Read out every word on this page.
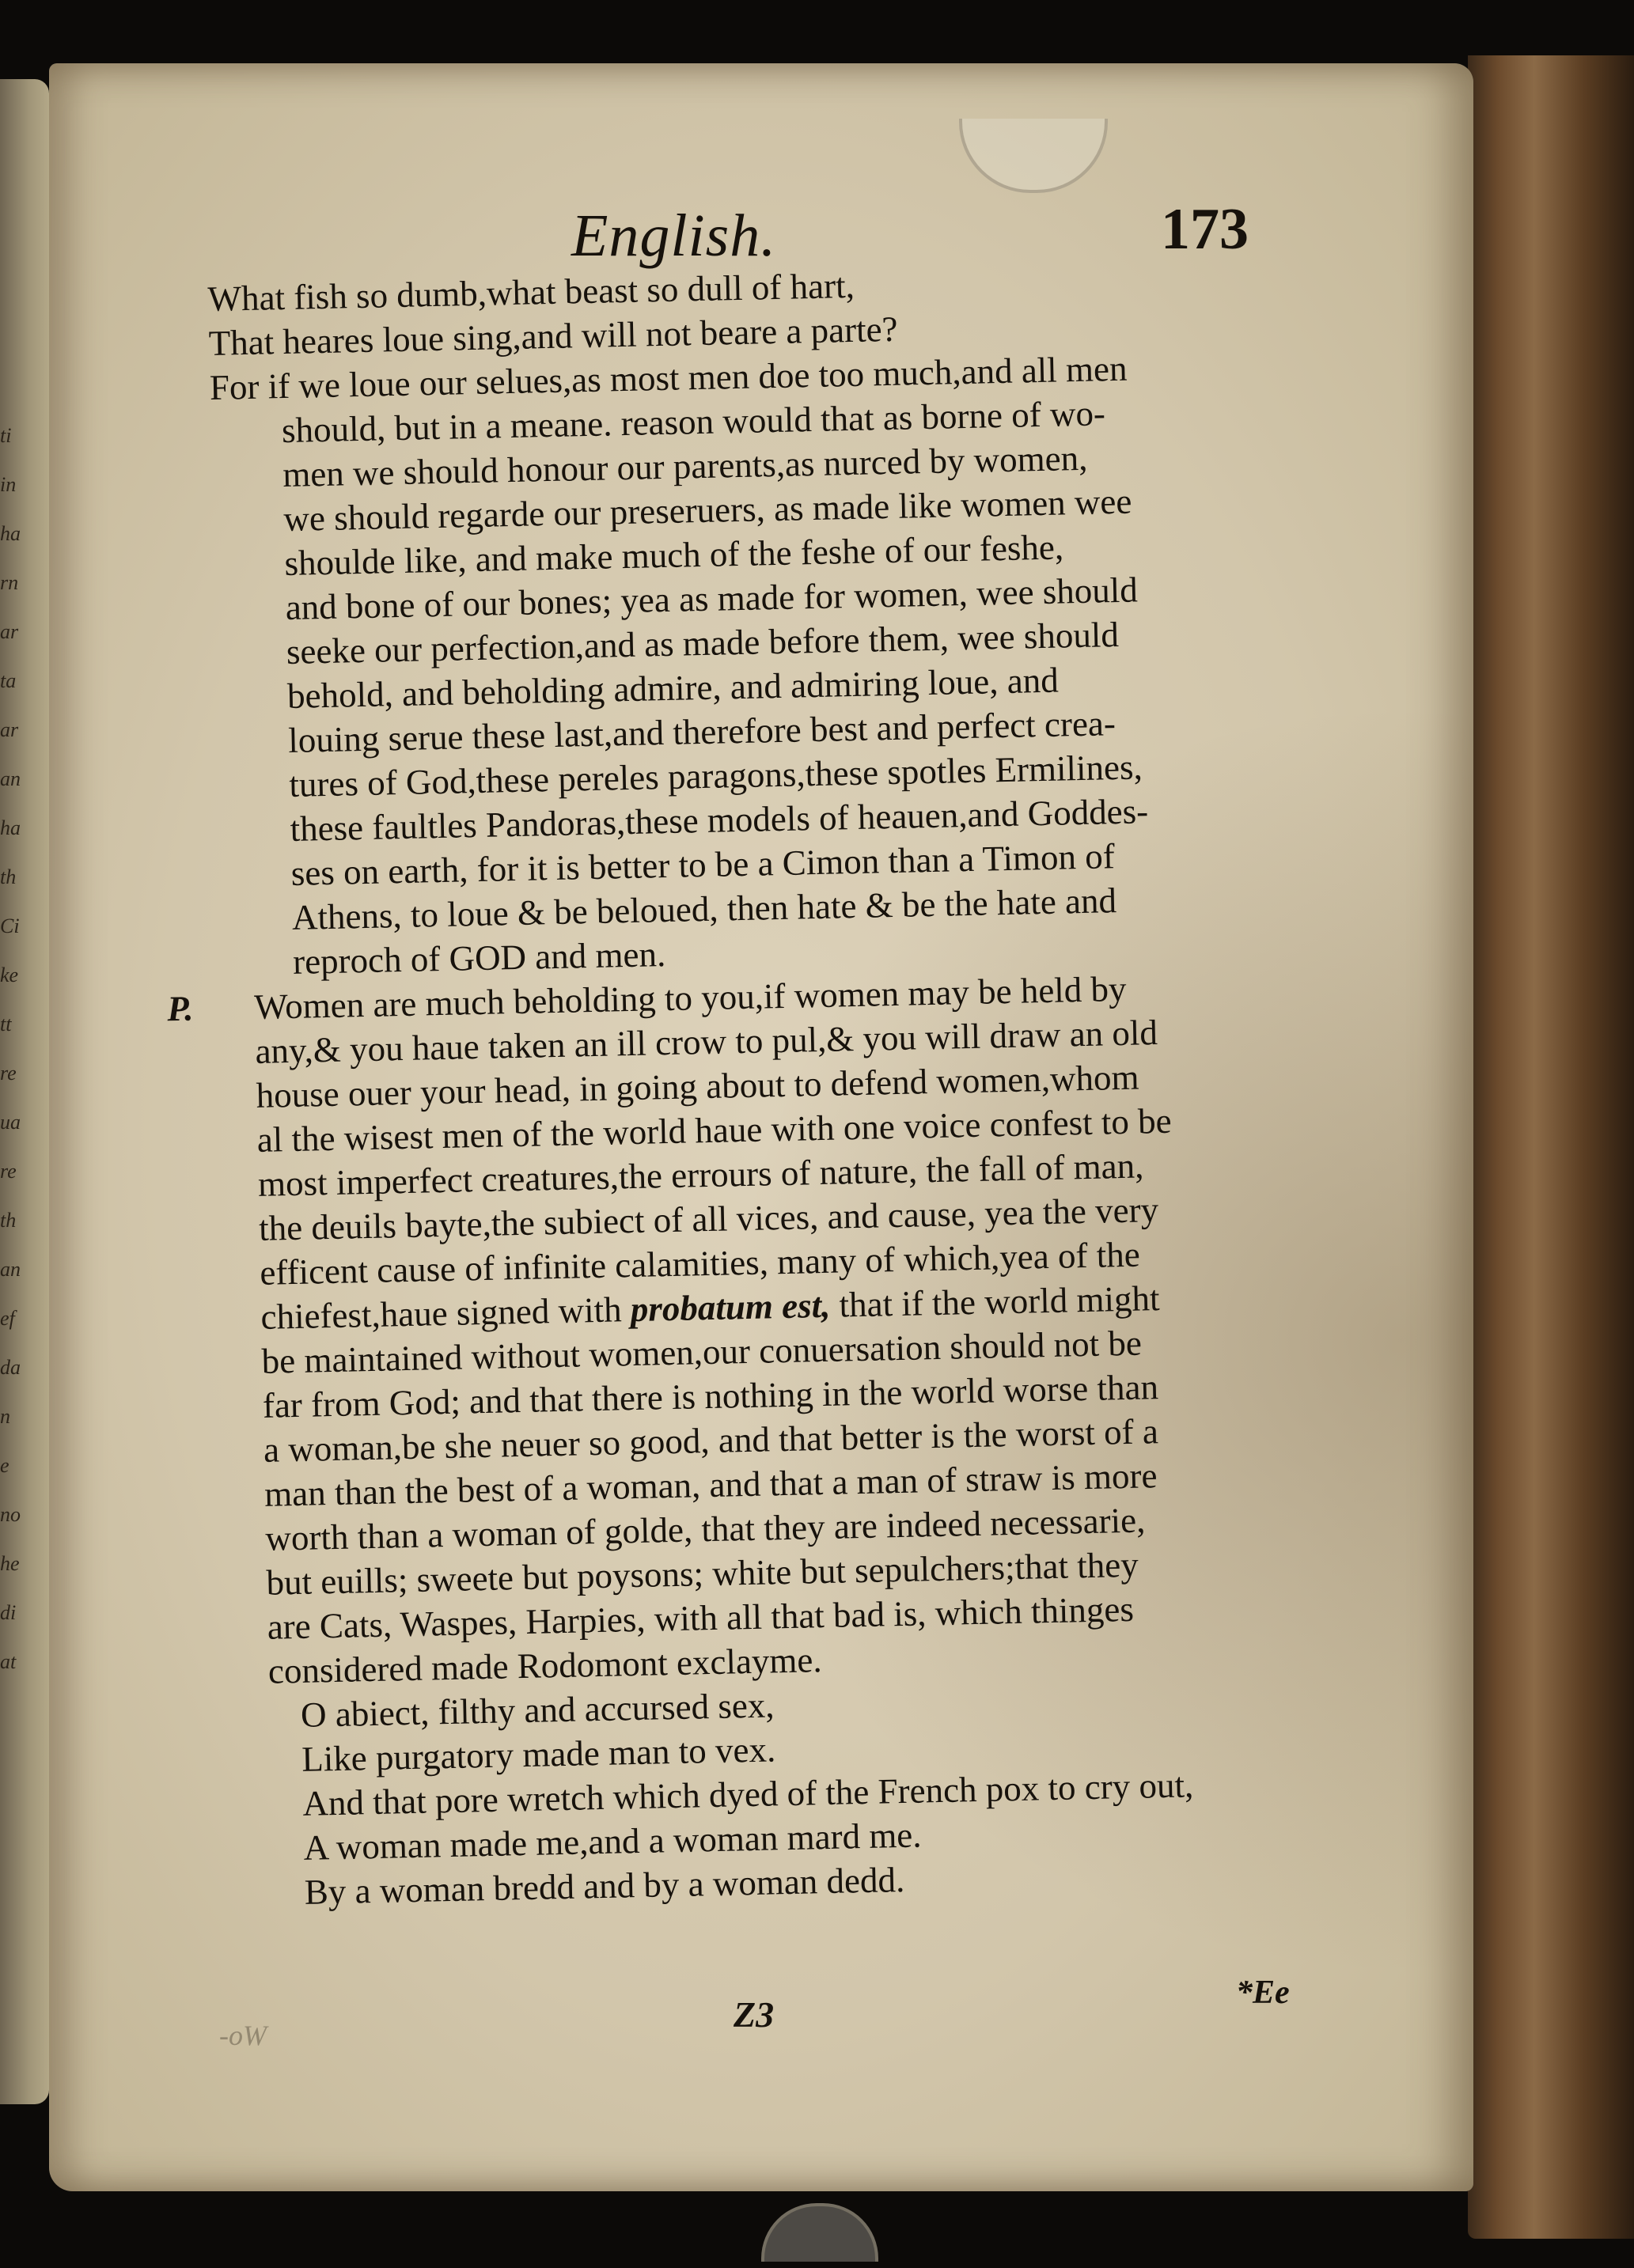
ti
in
ha
rn
ar
ta
ar
an
ha
th
Ci
ke
tt
re
ua
re
th
an
ef
da
n
e
no
he
di
at
English.	173
What fish so dumb,what beast so dull of hart,
That heares loue sing,and will not beare a parte?
For if we loue our selues,as most men doe too much,and all men
should, but in a meane. reason would that as borne of wo-
men we should honour our parents,as nurced by women,
we should regarde our preseruers, as made like women wee
shoulde like, and make much of the feshe of our feshe,
and bone of our bones; yea as made for women, wee should
seeke our perfection,and as made before them, wee should
behold, and beholding admire, and admiring loue, and
louing serue these last,and therefore best and perfect crea-
tures of God,these pereles paragons,these spotles Ermilines,
these faultles Pandoras,these models of heauen,and Goddes-
ses on earth, for it is better to be a Cimon than a Timon of
Athens, to loue & be beloued, then hate & be the hate and
reproch of GOD and men.
P. Women are much beholding to you,if women may be held by
any,& you haue taken an ill crow to pul,& you will draw an old
house ouer your head, in going about to defend women,whom
al the wisest men of the world haue with one voice confest to be
most imperfect creatures,the errours of nature, the fall of man,
the deuils bayte,the subiect of all vices, and cause, yea the very
efficent cause of infinite calamities, many of which,yea of the
chiefest,haue signed with probatum est, that if the world might
be maintained without women,our conuersation should not be
far from God; and that there is nothing in the world worse than
a woman,be she neuer so good, and that better is the worst of a
man than the best of a woman, and that a man of straw is more
worth than a woman of golde, that they are indeed necessarie,
but euills; sweete but poysons; white but sepulchers;that they
are Cats, Waspes, Harpies, with all that bad is, which thinges
considered made Rodomont exclayme.
O abiect, filthy and accursed sex,
Like purgatory made man to vex.
And that pore wretch which dyed of the French pox to cry out,
A woman made me,and a woman mard me.
By a woman bredd and by a woman dedd.
Z3
*Ee
-oW
